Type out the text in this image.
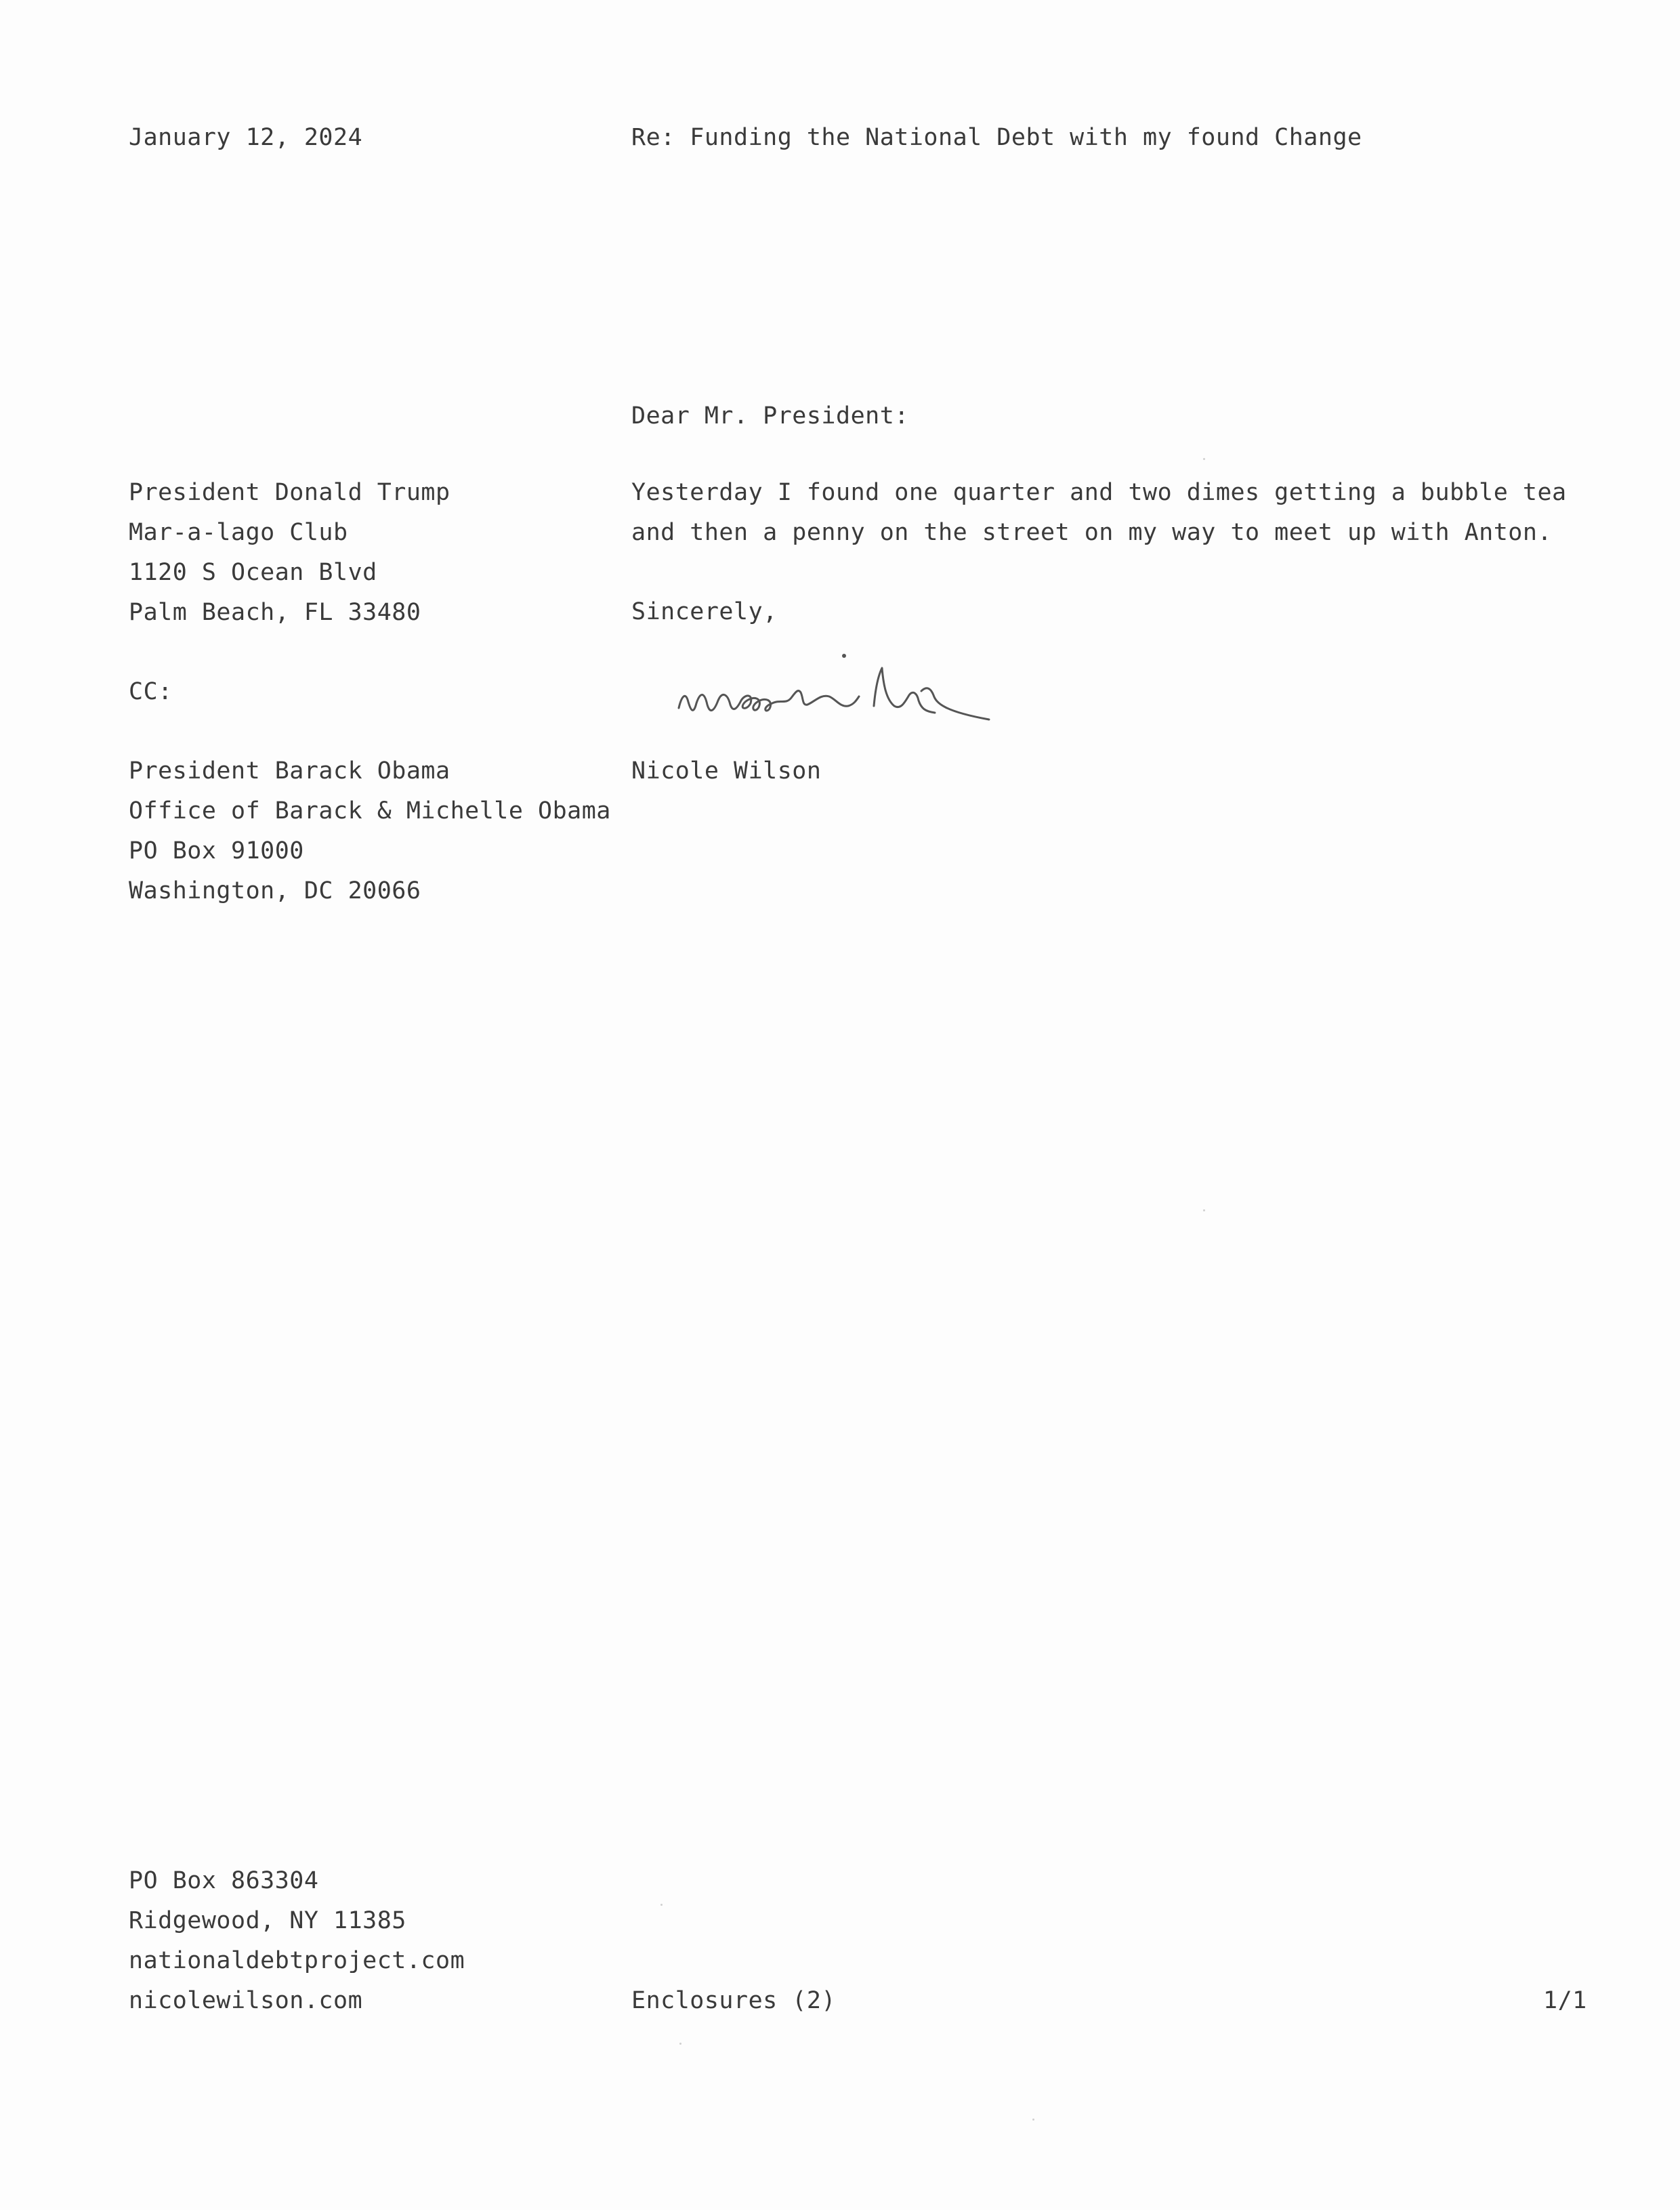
January 12, 2024	Re: Funding the National Debt with my found Change

Dear Mr. President:

President Donald Trump
Mar-a-lago Club
1120 S Ocean Blvd
Palm Beach, FL 33480
Yesterday I found one quarter and two dimes getting a bubble tea
and then a penny on the street on my way to meet up with Anton.

Sincerely,

CC:

Nicole Wilson

President Barack Obama
Office of Barack & Michelle Obama
PO Box 91000
Washington, DC 20066
PO Box 863304
Ridgewood, NY 11385
nationaldebtproject.com
nicolewilson.com	Enclosures (2)	1/1
